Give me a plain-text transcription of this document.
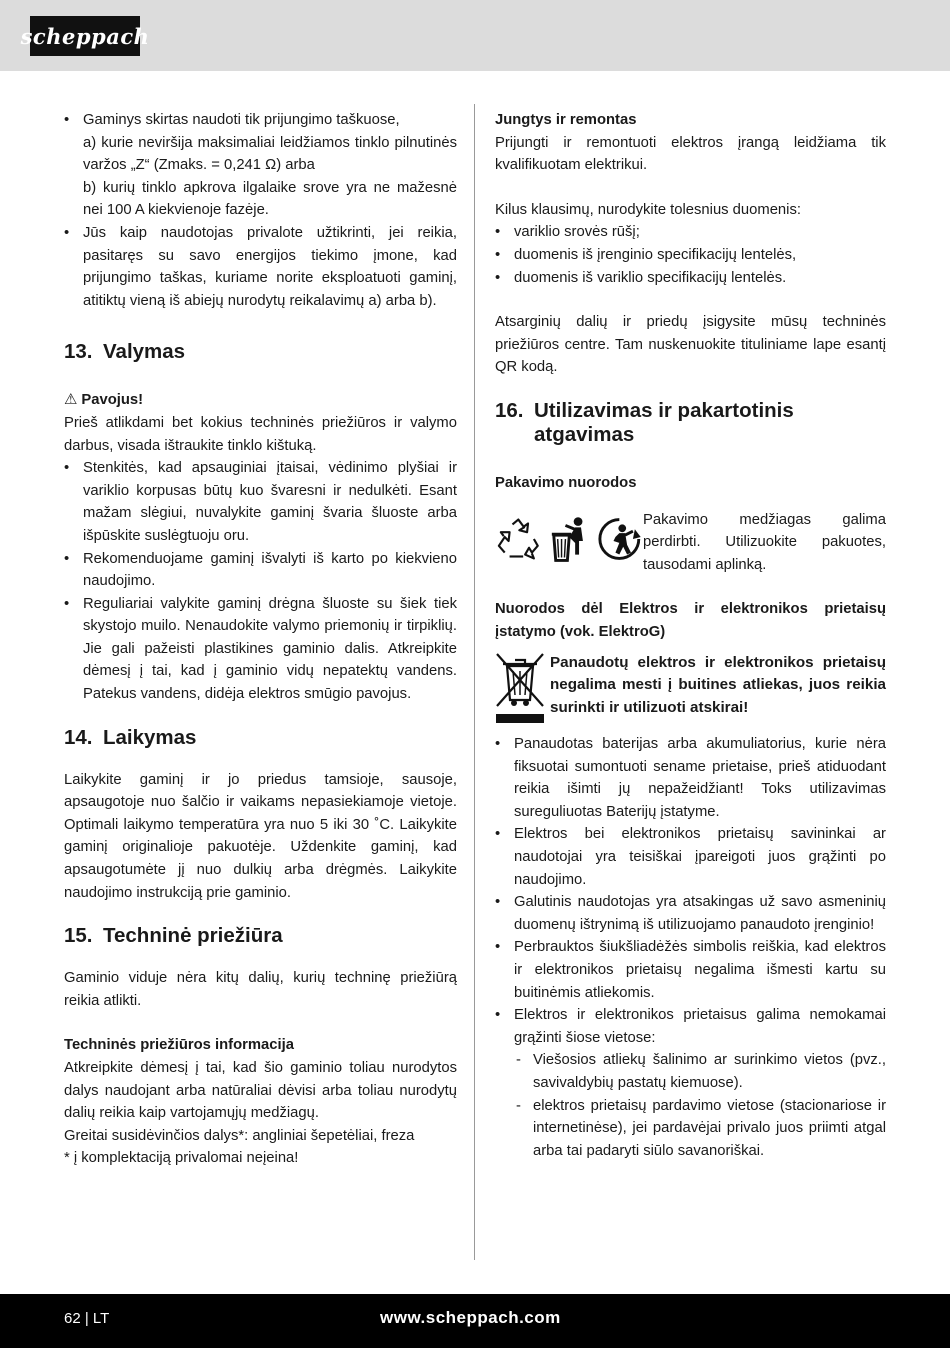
scheppach
• Gaminys skirtas naudoti tik prijungimo taškuose,
a) kurie neviršija maksimaliai leidžiamos tinklo pilnutinės varžos „Z“ (Zmaks. = 0,241 Ω) arba
b) kurių tinklo apkrova ilgalaike srove yra ne mažesnė nei 100 A kiekvienoje fazėje.
• Jūs kaip naudotojas privalote užtikrinti, jei reikia, pasitaręs su savo energijos tiekimo įmone, kad prijungimo taškas, kuriame norite eksploatuoti gaminį, atitiktų vieną iš abiejų nurodytų reikalavimų a) arba b).
13. Valymas

⚠ Pavojus!

Prieš atlikdami bet kokius techninės priežiūros ir valymo darbus, visada ištraukite tinklo kištuką.

• Stenkitės, kad apsauginiai įtaisai, vėdinimo plyšiai ir variklio korpusas būtų kuo švaresni ir nedulkėti. Esant mažam slėgiui, nuvalykite gaminį švaria šluoste arba išpūskite suslėgtuoju oru.
• Rekomenduojame gaminį išvalyti iš karto po kiekvieno naudojimo.
• Reguliariai valykite gaminį drėgna šluoste su šiek tiek skystojo muilo. Nenaudokite valymo priemonių ir tirpiklių. Jie gali pažeisti plastikines gaminio dalis. Atkreipkite dėmesį į tai, kad į gaminio vidų nepatektų vandens. Patekus vandens, didėja elektros smūgio pavojus.
14. Laikymas

Laikykite gaminį ir jo priedus tamsioje, sausoje, apsaugotoje nuo šalčio ir vaikams nepasiekiamoje vietoje. Optimali laikymo temperatūra yra nuo 5 iki 30 ˚C. Laikykite gaminį originalioje pakuotėje. Uždenkite gaminį, kad apsaugotumėte jį nuo dulkių arba drėgmės. Laikykite naudojimo instrukciją prie gaminio.

15. Techninė priežiūra

Gaminio viduje nėra kitų dalių, kurių techninę priežiūrą reikia atlikti.

Techninės priežiūros informacija

Atkreipkite dėmesį į tai, kad šio gaminio toliau nurodytos dalys naudojant arba natūraliai dėvisi arba toliau nurodytų dalių reikia kaip vartojamųjų medžiagų.

Greitai susidėvinčios dalys*: angliniai šepetėliai, freza

* į komplektaciją privalomai neįeina!

Jungtys ir remontas

Prijungti ir remontuoti elektros įrangą leidžiama tik kvalifikuotam elektrikui.

Kilus klausimų, nurodykite tolesnius duomenis:

• variklio srovės rūšį;
• duomenis iš įrenginio specifikacijų lentelės,
• duomenis iš variklio specifikacijų lentelės.

Atsarginių dalių ir priedų įsigysite mūsų techninės priežiūros centre. Tam nuskenuokite tituliniame lape esantį QR kodą.

16. Utilizavimas ir pakartotinis atgavimas

Pakavimo nuorodos

Pakavimo medžiagas galima perdirbti. Utilizuokite pakuotes, tausodami aplinką.

Nuorodos dėl Elektros ir elektronikos prietaisų įstatymo (vok. ElektroG)

Panaudotų elektros ir elektronikos prietaisų negalima mesti į buitines atliekas, juos reikia surinkti ir utilizuoti atskirai!

• Panaudotas baterijas arba akumuliatorius, kurie nėra fiksuotai sumontuoti sename prietaise, prieš atiduodant reikia išimti jų nepažeidžiant! Toks utilizavimas sureguliuotas Baterijų įstatyme.
• Elektros bei elektronikos prietaisų savininkai ar naudotojai yra teisiškai įpareigoti juos grąžinti po naudojimo.
• Galutinis naudotojas yra atsakingas už savo asmeninių duomenų ištrynimą iš utilizuojamo panaudoto įrenginio!
• Perbrauktos šiukšliadėžės simbolis reiškia, kad elektros ir elektronikos prietaisų negalima išmesti kartu su buitinėmis atliekomis.
• Elektros ir elektronikos prietaisus galima nemokamai grąžinti šiose vietose:
- Viešosios atliekų šalinimo ar surinkimo vietos (pvz., savivaldybių pastatų kiemuose).
- elektros prietaisų pardavimo vietose (stacionariose ir internetinėse), jei pardavėjai privalo juos priimti atgal arba tai padaryti siūlo savanoriškai.
62 | LT	www.scheppach.com
